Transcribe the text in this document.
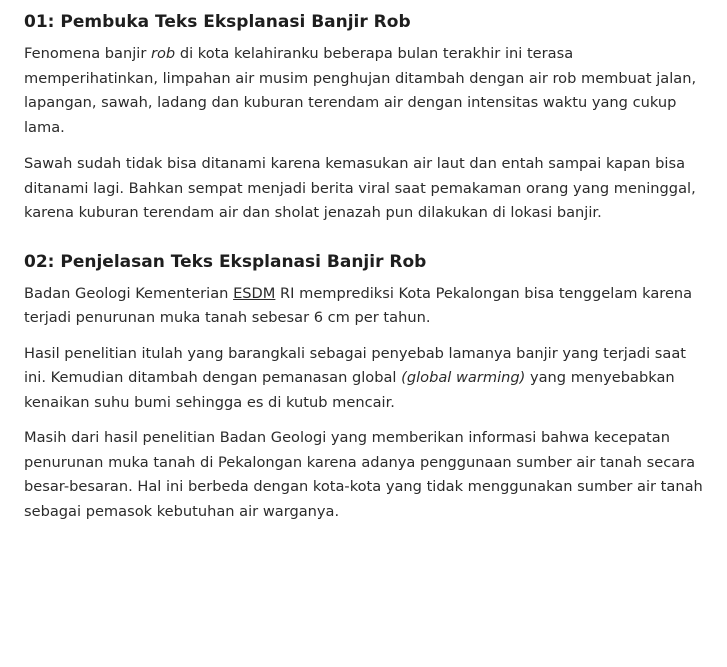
01: Pembuka Teks Eksplanasi Banjir Rob

Fenomena banjir rob di kota kelahiranku beberapa bulan terakhir ini terasa memperihatinkan, limpahan air musim penghujan ditambah dengan air rob membuat jalan, lapangan, sawah, ladang dan kuburan terendam air dengan intensitas waktu yang cukup lama.

Sawah sudah tidak bisa ditanami karena kemasukan air laut dan entah sampai kapan bisa ditanami lagi. Bahkan sempat menjadi berita viral saat pemakaman orang yang meninggal, karena kuburan terendam air dan sholat jenazah pun dilakukan di lokasi banjir.

02: Penjelasan Teks Eksplanasi Banjir Rob

Badan Geologi Kementerian ESDM RI memprediksi Kota Pekalongan bisa tenggelam karena terjadi penurunan muka tanah sebesar 6 cm per tahun.

Hasil penelitian itulah yang barangkali sebagai penyebab lamanya banjir yang terjadi saat ini. Kemudian ditambah dengan pemanasan global (global warming) yang menyebabkan kenaikan suhu bumi sehingga es di kutub mencair.

Masih dari hasil penelitian Badan Geologi yang memberikan informasi bahwa kecepatan penurunan muka tanah di Pekalongan karena adanya penggunaan sumber air tanah secara besar-besaran. Hal ini berbeda dengan kota-kota yang tidak menggunakan sumber air tanah sebagai pemasok kebutuhan air warganya.
